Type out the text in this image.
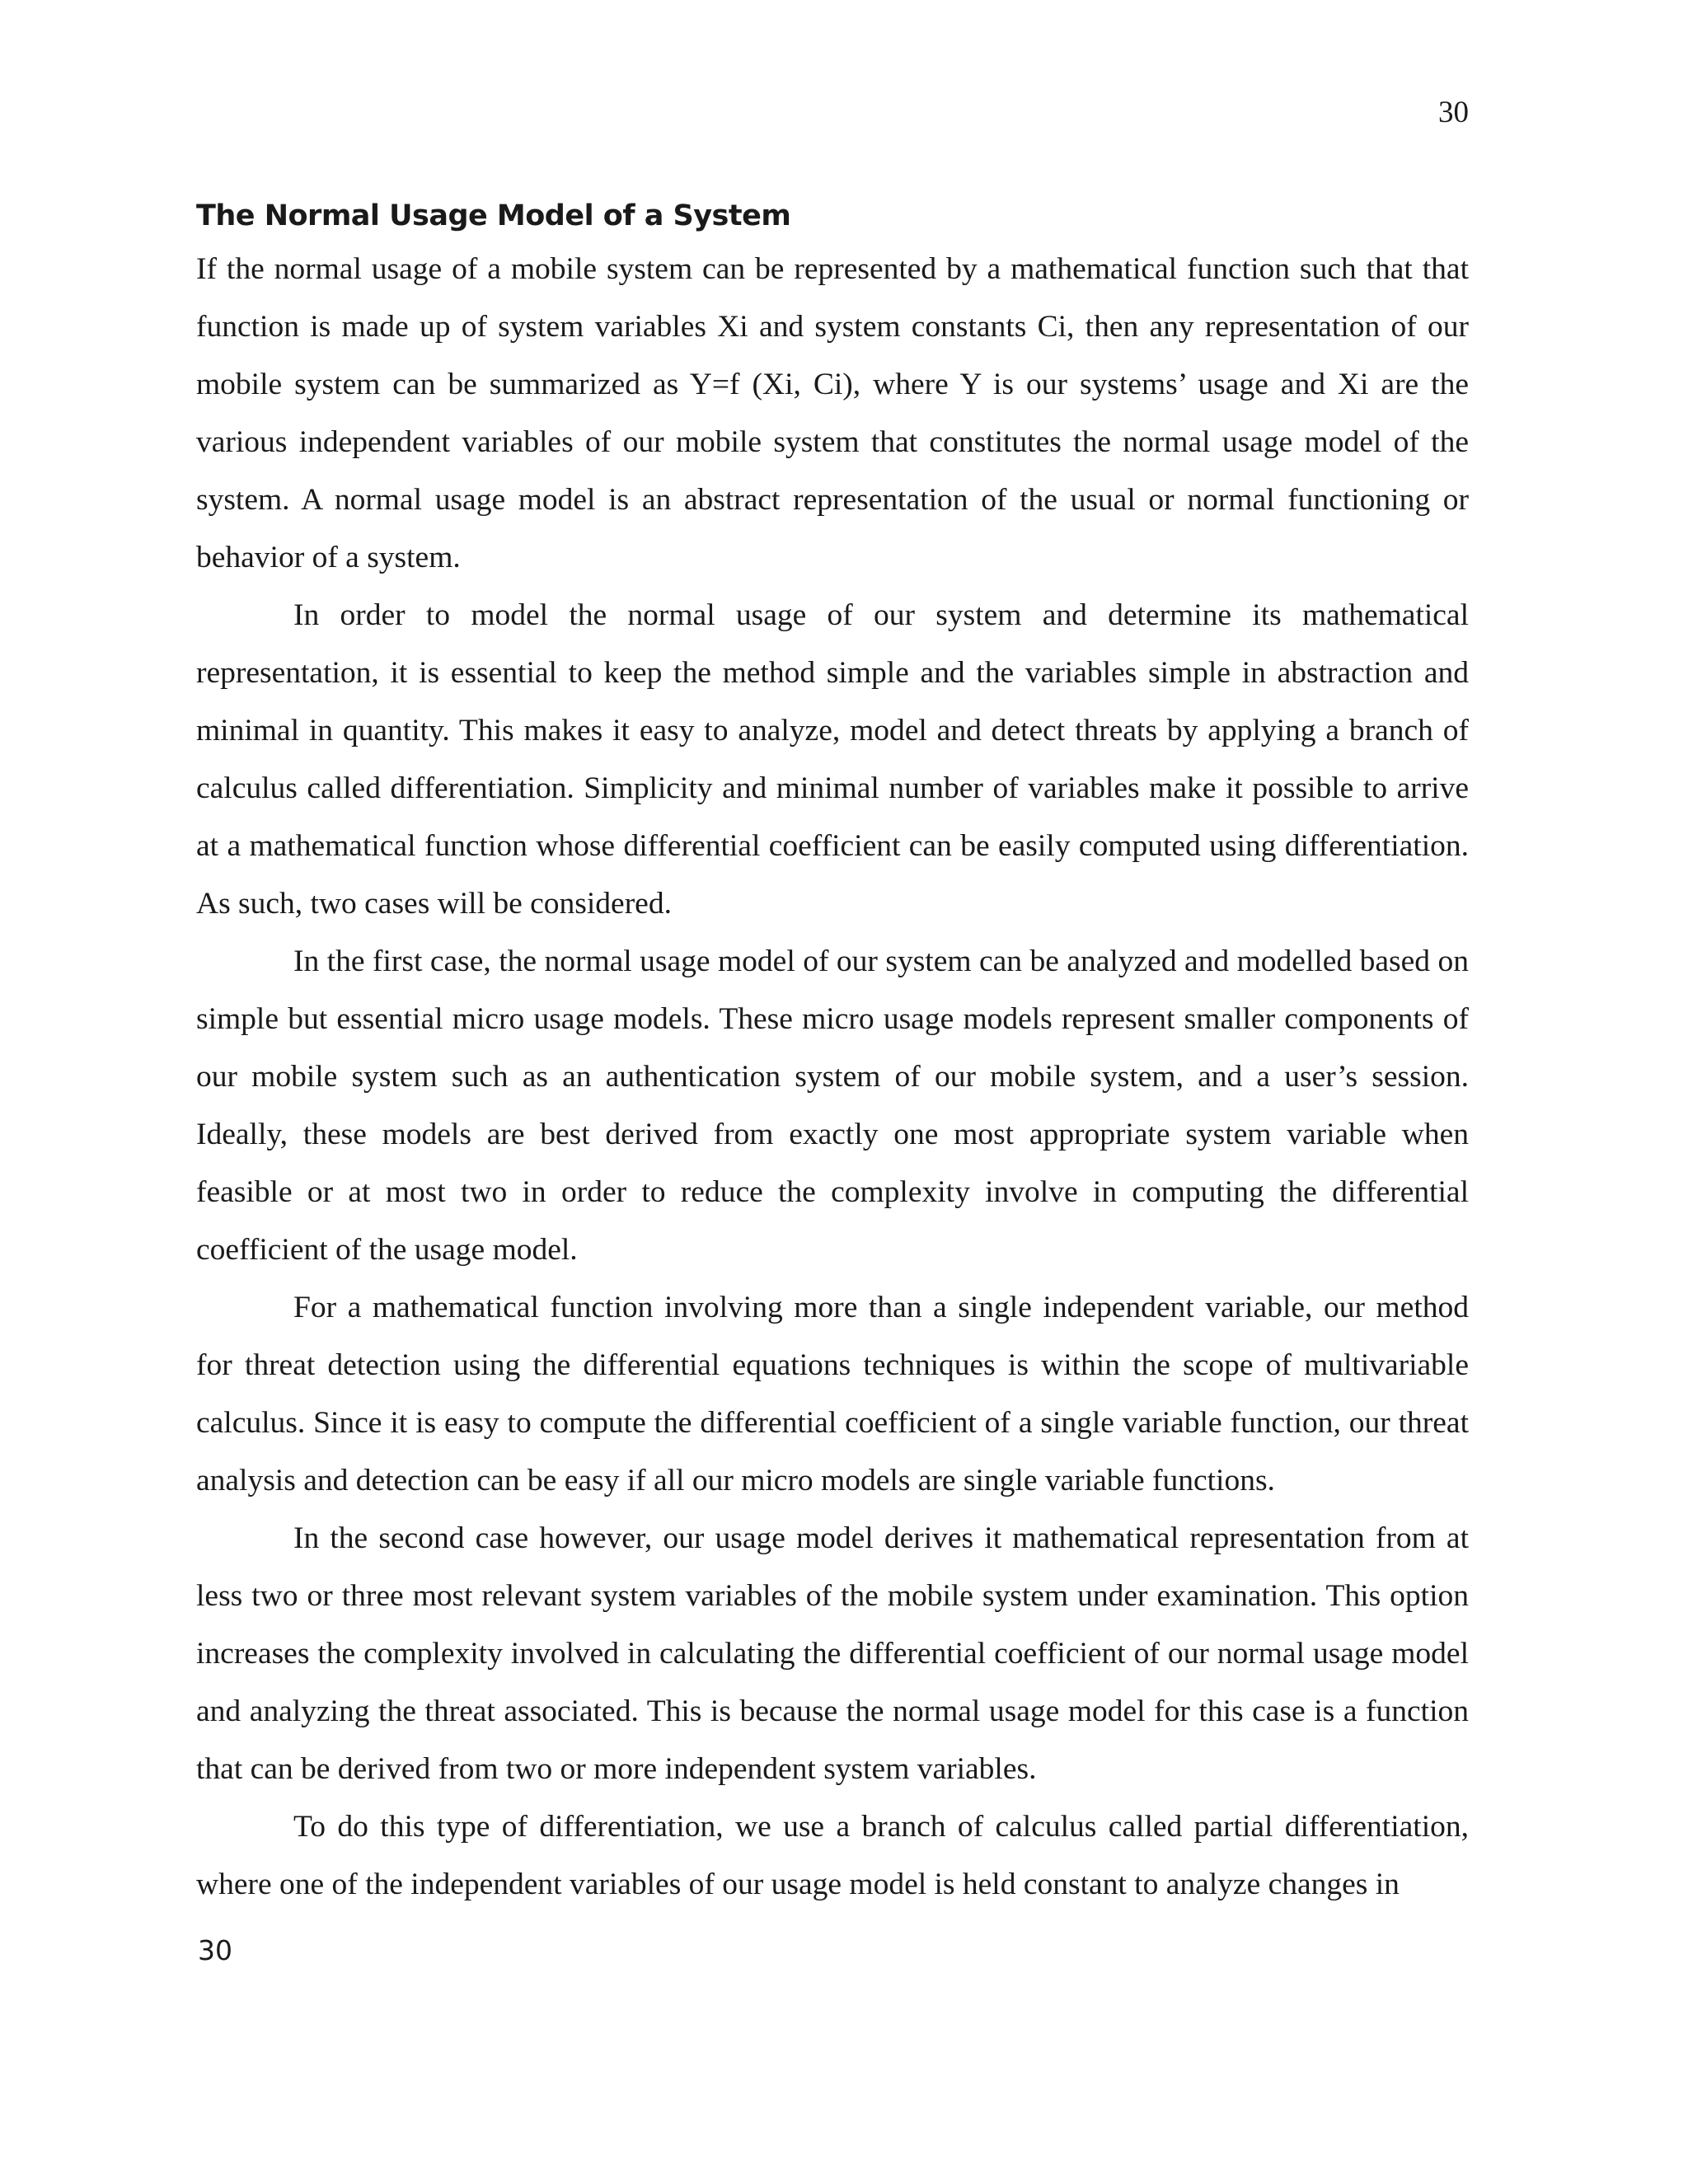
30
The Normal Usage Model of a System

If the normal usage of a mobile system can be represented by a mathematical function such that that function is made up of system variables Xi and system constants Ci, then any representation of our mobile system can be summarized as Y=f (Xi, Ci), where Y is our systems’ usage and Xi are the various independent variables of our mobile system that constitutes the normal usage model of the system. A normal usage model is an abstract representation of the usual or normal functioning or behavior of a system.

In order to model the normal usage of our system and determine its mathematical representation, it is essential to keep the method simple and the variables simple in abstraction and minimal in quantity. This makes it easy to analyze, model and detect threats by applying a branch of calculus called differentiation. Simplicity and minimal number of variables make it possible to arrive at a mathematical function whose differential coefficient can be easily computed using differentiation. As such, two cases will be considered.

In the first case, the normal usage model of our system can be analyzed and modelled based on simple but essential micro usage models. These micro usage models represent smaller components of our mobile system such as an authentication system of our mobile system, and a user’s session. Ideally, these models are best derived from exactly one most appropriate system variable when feasible or at most two in order to reduce the complexity involve in computing the differential coefficient of the usage model.

For a mathematical function involving more than a single independent variable, our method for threat detection using the differential equations techniques is within the scope of multivariable calculus. Since it is easy to compute the differential coefficient of a single variable function, our threat analysis and detection can be easy if all our micro models are single variable functions.

In the second case however, our usage model derives it mathematical representation from at less two or three most relevant system variables of the mobile system under examination. This option increases the complexity involved in calculating the differential coefficient of our normal usage model and analyzing the threat associated. This is because the normal usage model for this case is a function that can be derived from two or more independent system variables.

To do this type of differentiation, we use a branch of calculus called partial differentiation, where one of the independent variables of our usage model is held constant to analyze changes in

30
